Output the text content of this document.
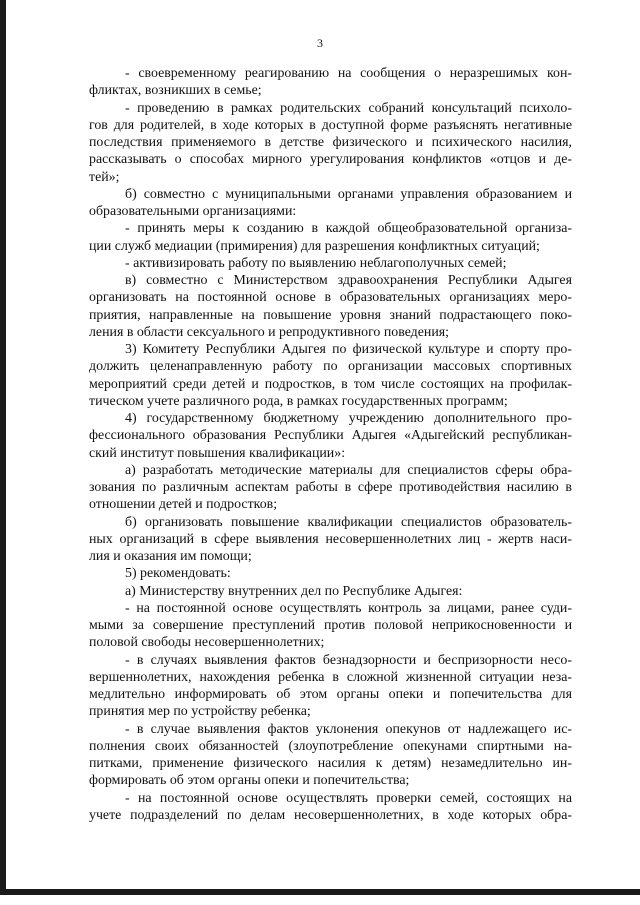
3
- своевременному реагированию на сообщения о неразрешимых кон-
фликтах, возникших в семье;
- проведению в рамках родительских собраний консультаций психоло-
гов для родителей, в ходе которых в доступной форме разъяснять негативные
последствия применяемого в детстве физического и психического насилия,
рассказывать о способах мирного урегулирования конфликтов «отцов и де-
тей»;
б) совместно с муниципальными органами управления образованием и
образовательными организациями:
- принять меры к созданию в каждой общеобразовательной организа-
ции служб медиации (примирения) для разрешения конфликтных ситуаций;
- активизировать работу по выявлению неблагополучных семей;
в) совместно с Министерством здравоохранения Республики Адыгея
организовать на постоянной основе в образовательных организациях меро-
приятия, направленные на повышение уровня знаний подрастающего поко-
ления в области сексуального и репродуктивного поведения;
3) Комитету Республики Адыгея по физической культуре и спорту про-
должить целенаправленную работу по организации массовых спортивных
мероприятий среди детей и подростков, в том числе состоящих на профилак-
тическом учете различного рода, в рамках государственных программ;
4) государственному бюджетному учреждению дополнительного про-
фессионального образования Республики Адыгея «Адыгейский республикан-
ский институт повышения квалификации»:
а) разработать методические материалы для специалистов сферы обра-
зования по различным аспектам работы в сфере противодействия насилию в
отношении детей и подростков;
б) организовать повышение квалификации специалистов образователь-
ных организаций в сфере выявления несовершеннолетних лиц - жертв наси-
лия и оказания им помощи;
5) рекомендовать:
а) Министерству внутренних дел по Республике Адыгея:
- на постоянной основе осуществлять контроль за лицами, ранее суди-
мыми за совершение преступлений против половой неприкосновенности и
половой свободы несовершеннолетних;
- в случаях выявления фактов безнадзорности и беспризорности несо-
вершеннолетних, нахождения ребенка в сложной жизненной ситуации неза-
медлительно информировать об этом органы опеки и попечительства для
принятия мер по устройству ребенка;
- в случае выявления фактов уклонения опекунов от надлежащего ис-
полнения своих обязанностей (злоупотребление опекунами спиртными на-
питками, применение физического насилия к детям) незамедлительно ин-
формировать об этом органы опеки и попечительства;
- на постоянной основе осуществлять проверки семей, состоящих на
учете подразделений по делам несовершеннолетних, в ходе которых обра-
